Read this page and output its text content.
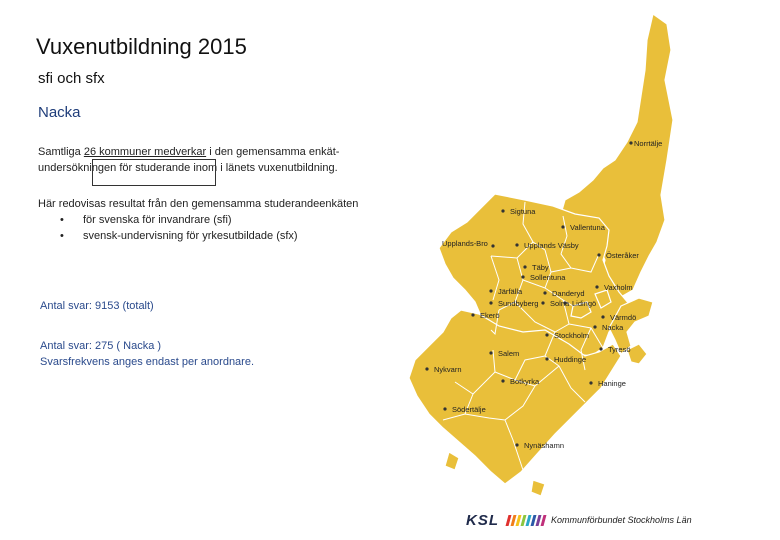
Vuxenutbildning 2015
sfi och sfx
Nacka
Samtliga 26 kommuner medverkar i den gemensamma enkät-
undersökningen för studerande inom i länets vuxenutbildning.
Här redovisas resultat från den gemensamma studerandeenkäten
• för svenska för invandrare (sfi)
• svensk-undervisning för yrkesutbildade (sfx)
Antal svar: 9153 (totalt)
Antal svar: 275 ( Nacka )
Svarsfrekvens anges endast per anordnare.
Norrtälje
Sigtuna
Vallentuna
Upplands-Bro	Upplands Väsby
Österåker
Täby
Sollentuna
Järfälla	Vaxholm
Danderyd
Sundbyberg Solna Lidingö
Ekerö	Värmdö
Stockholm
Nacka
Salem
Huddinge
Tyresö
Nykvarn
Botkyrka	Haninge
Södertälje
Nynäshamn
KSL	Kommunförbundet Stockholms Län
